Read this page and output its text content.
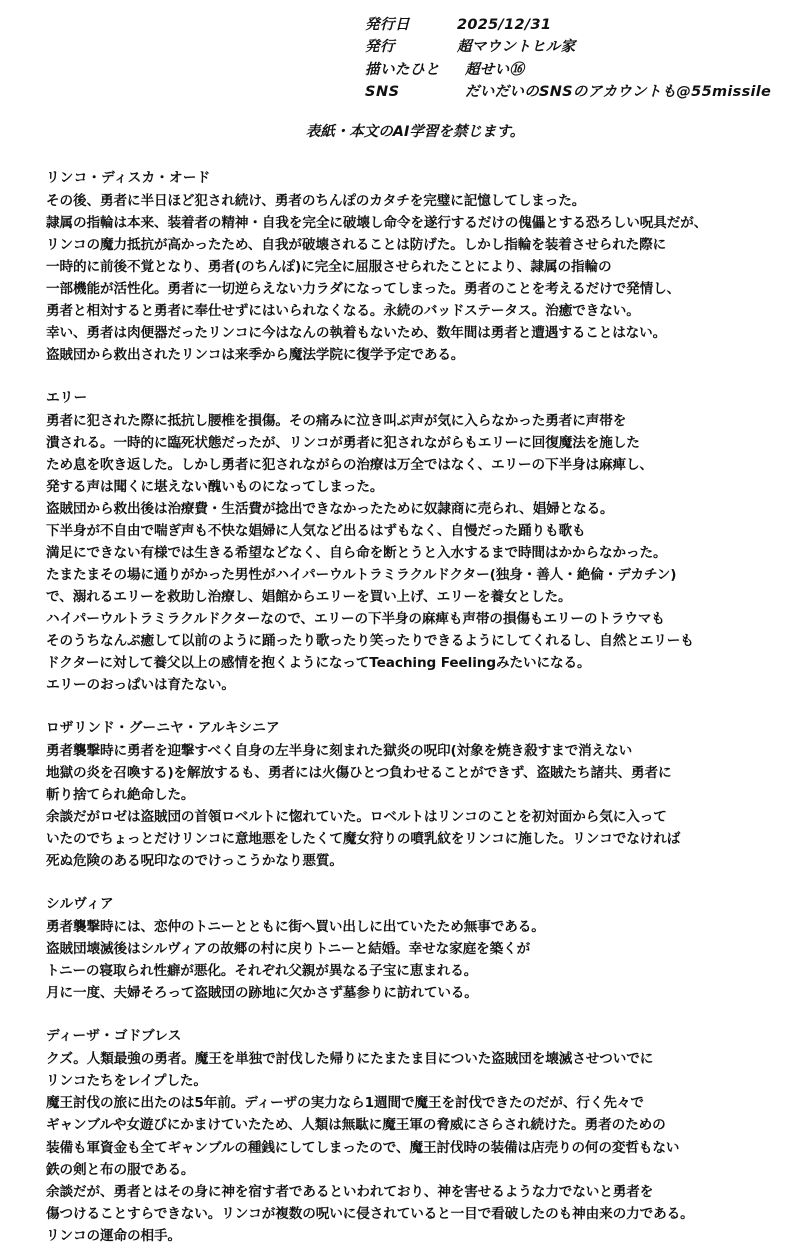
発行日	2025/12/31
発行	超マウントヒル家
描いたひと	超せい⑯
SNS	だいだいのSNSのアカウントも@55missile
表紙・本文のAI学習を禁じます。
リンコ・ディスカ・オード
その後、勇者に半日ほど犯され続け、勇者のちんぽのカタチを完璧に記憶してしまった。
隷属の指輪は本来、装着者の精神・自我を完全に破壊し命令を遂行するだけの傀儡とする恐ろしい呪具だが、
リンコの魔力抵抗が高かったため、自我が破壊されることは防げた。しかし指輪を装着させられた際に
一時的に前後不覚となり、勇者(のちんぽ)に完全に屈服させられたことにより、隷属の指輪の
一部機能が活性化。勇者に一切逆らえない力ラダになってしまった。勇者のことを考えるだけで発情し、
勇者と相対すると勇者に奉仕せずにはいられなくなる。永続のバッドステータス。治癒できない。
幸い、勇者は肉便器だったリンコに今はなんの執着もないため、数年間は勇者と遭遇することはない。
盗賊団から救出されたリンコは来季から魔法学院に復学予定である。
エリー
勇者に犯された際に抵抗し腰椎を損傷。その痛みに泣き叫ぶ声が気に入らなかった勇者に声帯を
潰される。一時的に臨死状態だったが、リンコが勇者に犯されながらもエリーに回復魔法を施した
ため息を吹き返した。しかし勇者に犯されながらの治療は万全ではなく、エリーの下半身は麻痺し、
発する声は聞くに堪えない醜いものになってしまった。
盗賊団から救出後は治療費・生活費が捻出できなかったために奴隷商に売られ、娼婦となる。
下半身が不自由で喘ぎ声も不快な娼婦に人気など出るはずもなく、自慢だった踊りも歌も
満足にできない有様では生きる希望などなく、自ら命を断とうと入水するまで時間はかからなかった。
たまたまその場に通りがかった男性がハイパーウルトラミラクルドクター(独身・善人・絶倫・デカチン)
で、溺れるエリーを救助し治療し、娼館からエリーを買い上げ、エリーを養女とした。
ハイパーウルトラミラクルドクターなので、エリーの下半身の麻痺も声帯の損傷もエリーのトラウマも
そのうちなんぷ癒して以前のように踊ったり歌ったり笑ったりできるようにしてくれるし、自然とエリーも
ドクターに対して養父以上の感情を抱くようになってTeaching Feelingみたいになる。
エリーのおっぱいは育たない。
ロザリンド・グーニヤ・アルキシニア
勇者襲撃時に勇者を迎撃すべく自身の左半身に刻まれた獄炎の呪印(対象を焼き殺すまで消えない
地獄の炎を召喚する)を解放するも、勇者には火傷ひとつ負わせることができず、盗賊たち諸共、勇者に
斬り捨てられ絶命した。
余談だがロゼは盗賊団の首領ロベルトに惚れていた。ロベルトはリンコのことを初対面から気に入って
いたのでちょっとだけリンコに意地悪をしたくて魔女狩りの噴乳紋をリンコに施した。リンコでなければ
死ぬ危険のある呪印なのでけっこうかなり悪質。
シルヴィア
勇者襲撃時には、恋仲のトニーとともに街へ買い出しに出ていたため無事である。
盗賊団壊滅後はシルヴィアの故郷の村に戻りトニーと結婚。幸せな家庭を築くが
トニーの寝取られ性癖が悪化。それぞれ父親が異なる子宝に恵まれる。
月に一度、夫婦そろって盗賊団の跡地に欠かさず墓参りに訪れている。
ディーザ・ゴドブレス
クズ。人類最強の勇者。魔王を単独で討伐した帰りにたまたま目についた盗賊団を壊滅させついでに
リンコたちをレイプした。
魔王討伐の旅に出たのは5年前。ディーザの実力なら1週間で魔王を討伐できたのだが、行く先々で
ギャンブルや女遊びにかまけていたため、人類は無駄に魔王軍の脅威にさらされ続けた。勇者のための
装備も軍資金も全てギャンブルの種銭にしてしまったので、魔王討伐時の装備は店売りの何の変哲もない
鉄の剣と布の服である。
余談だが、勇者とはその身に神を宿す者であるといわれており、神を害せるような力でないと勇者を
傷つけることすらできない。リンコが複数の呪いに侵されていると一目で看破したのも神由来の力である。
リンコの運命の相手。
